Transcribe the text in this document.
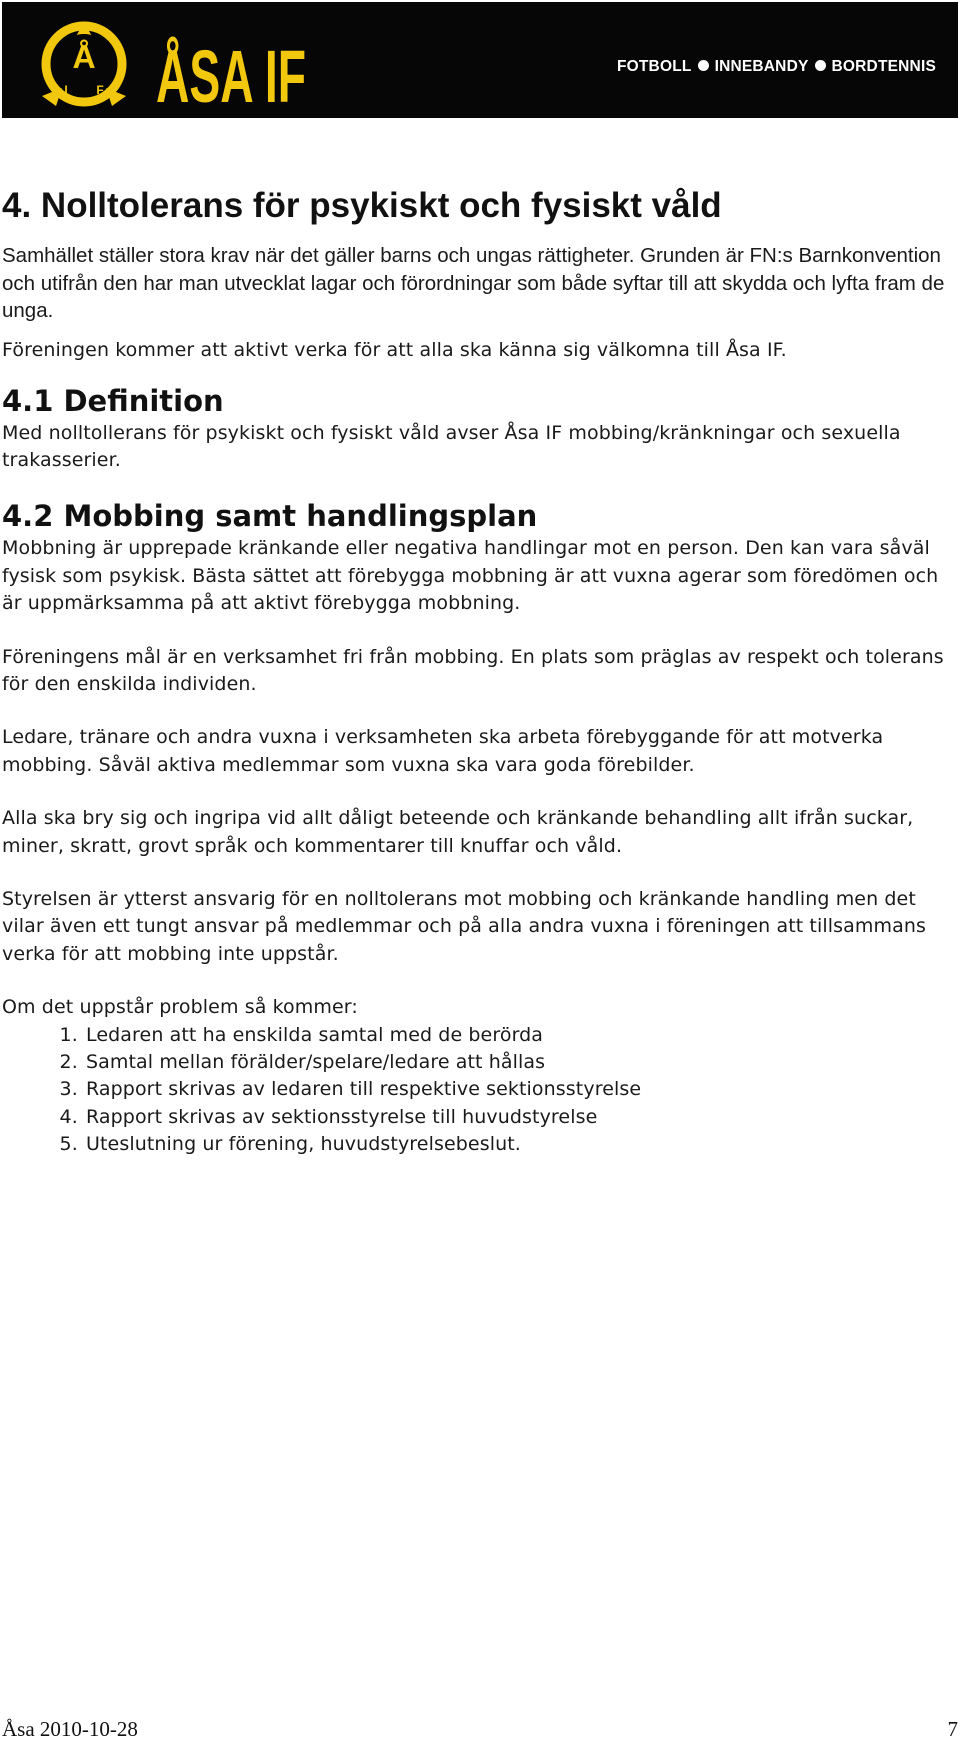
Å
I F ÅSA IF	FOTBOLL INNEBANDY BORDTENNIS
4. Nolltolerans för psykiskt och fysiskt våld

Samhället ställer stora krav när det gäller barns och ungas rättigheter. Grunden är FN:s Barnkonvention och utifrån den har man utvecklat lagar och förordningar som både syftar till att skydda och lyfta fram de unga.

Föreningen kommer att aktivt verka för att alla ska känna sig välkomna till Åsa IF.

4.1 Definition

Med nolltollerans för psykiskt och fysiskt våld avser Åsa IF mobbing/kränkningar och sexuella trakasserier.

4.2 Mobbing samt handlingsplan

Mobbning är upprepade kränkande eller negativa handlingar mot en person. Den kan vara såväl fysisk som psykisk. Bästa sättet att förebygga mobbning är att vuxna agerar som föredömen och är uppmärksamma på att aktivt förebygga mobbning.

Föreningens mål är en verksamhet fri från mobbing. En plats som präglas av respekt och tolerans för den enskilda individen.

Ledare, tränare och andra vuxna i verksamheten ska arbeta förebyggande för att motverka mobbing. Såväl aktiva medlemmar som vuxna ska vara goda förebilder.

Alla ska bry sig och ingripa vid allt dåligt beteende och kränkande behandling allt ifrån suckar, miner, skratt, grovt språk och kommentarer till knuffar och våld.

Styrelsen är ytterst ansvarig för en nolltolerans mot mobbing och kränkande handling men det vilar även ett tungt ansvar på medlemmar och på alla andra vuxna i föreningen att tillsammans verka för att mobbing inte uppstår.

Om det uppstår problem så kommer:

1. Ledaren att ha enskilda samtal med de berörda
2. Samtal mellan förälder/spelare/ledare att hållas
3. Rapport skrivas av ledaren till respektive sektionsstyrelse
4. Rapport skrivas av sektionsstyrelse till huvudstyrelse
5. Uteslutning ur förening, huvudstyrelsebeslut.
Åsa 2010-10-28	7
